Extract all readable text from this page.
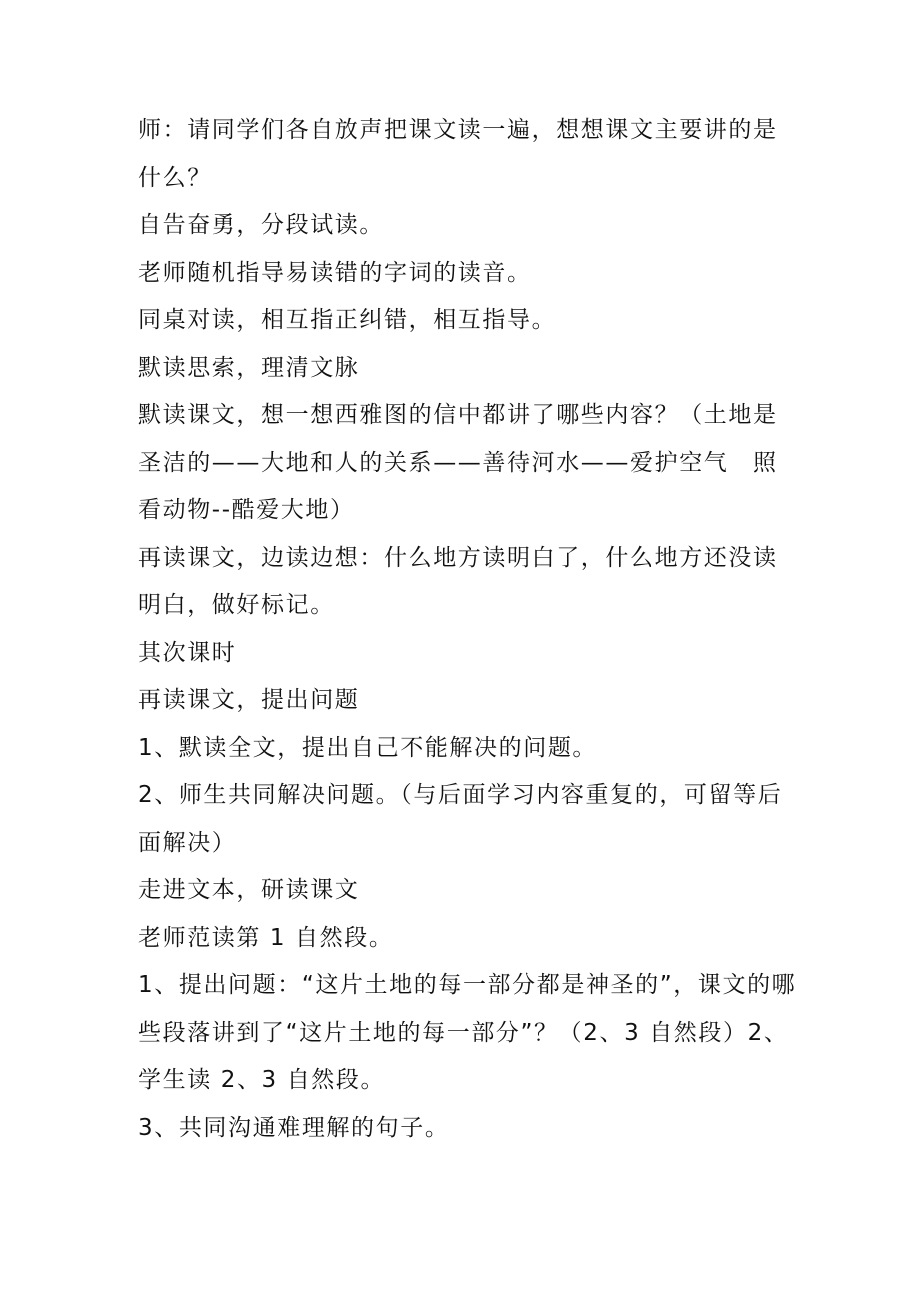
师：请同学们各自放声把课文读一遍，想想课文主要讲的是什么？

自告奋勇，分段试读。

老师随机指导易读错的字词的读音。

同桌对读，相互指正纠错，相互指导。

默读思索，理清文脉

默读课文，想一想西雅图的信中都讲了哪些内容？（土地是圣洁的——大地和人的关系——善待河水——爱护空气　照看动物--酷爱大地）

再读课文，边读边想：什么地方读明白了，什么地方还没读明白，做好标记。

其次课时

再读课文，提出问题

1、默读全文，提出自己不能解决的问题。

2、师生共同解决问题。（与后面学习内容重复的，可留等后面解决）

走进文本，研读课文

老师范读第 1 自然段。

1、提出问题：“这片土地的每一部分都是神圣的”，课文的哪些段落讲到了“这片土地的每一部分”？（2、3 自然段）2、学生读 2、3 自然段。

3、共同沟通难理解的句子。
